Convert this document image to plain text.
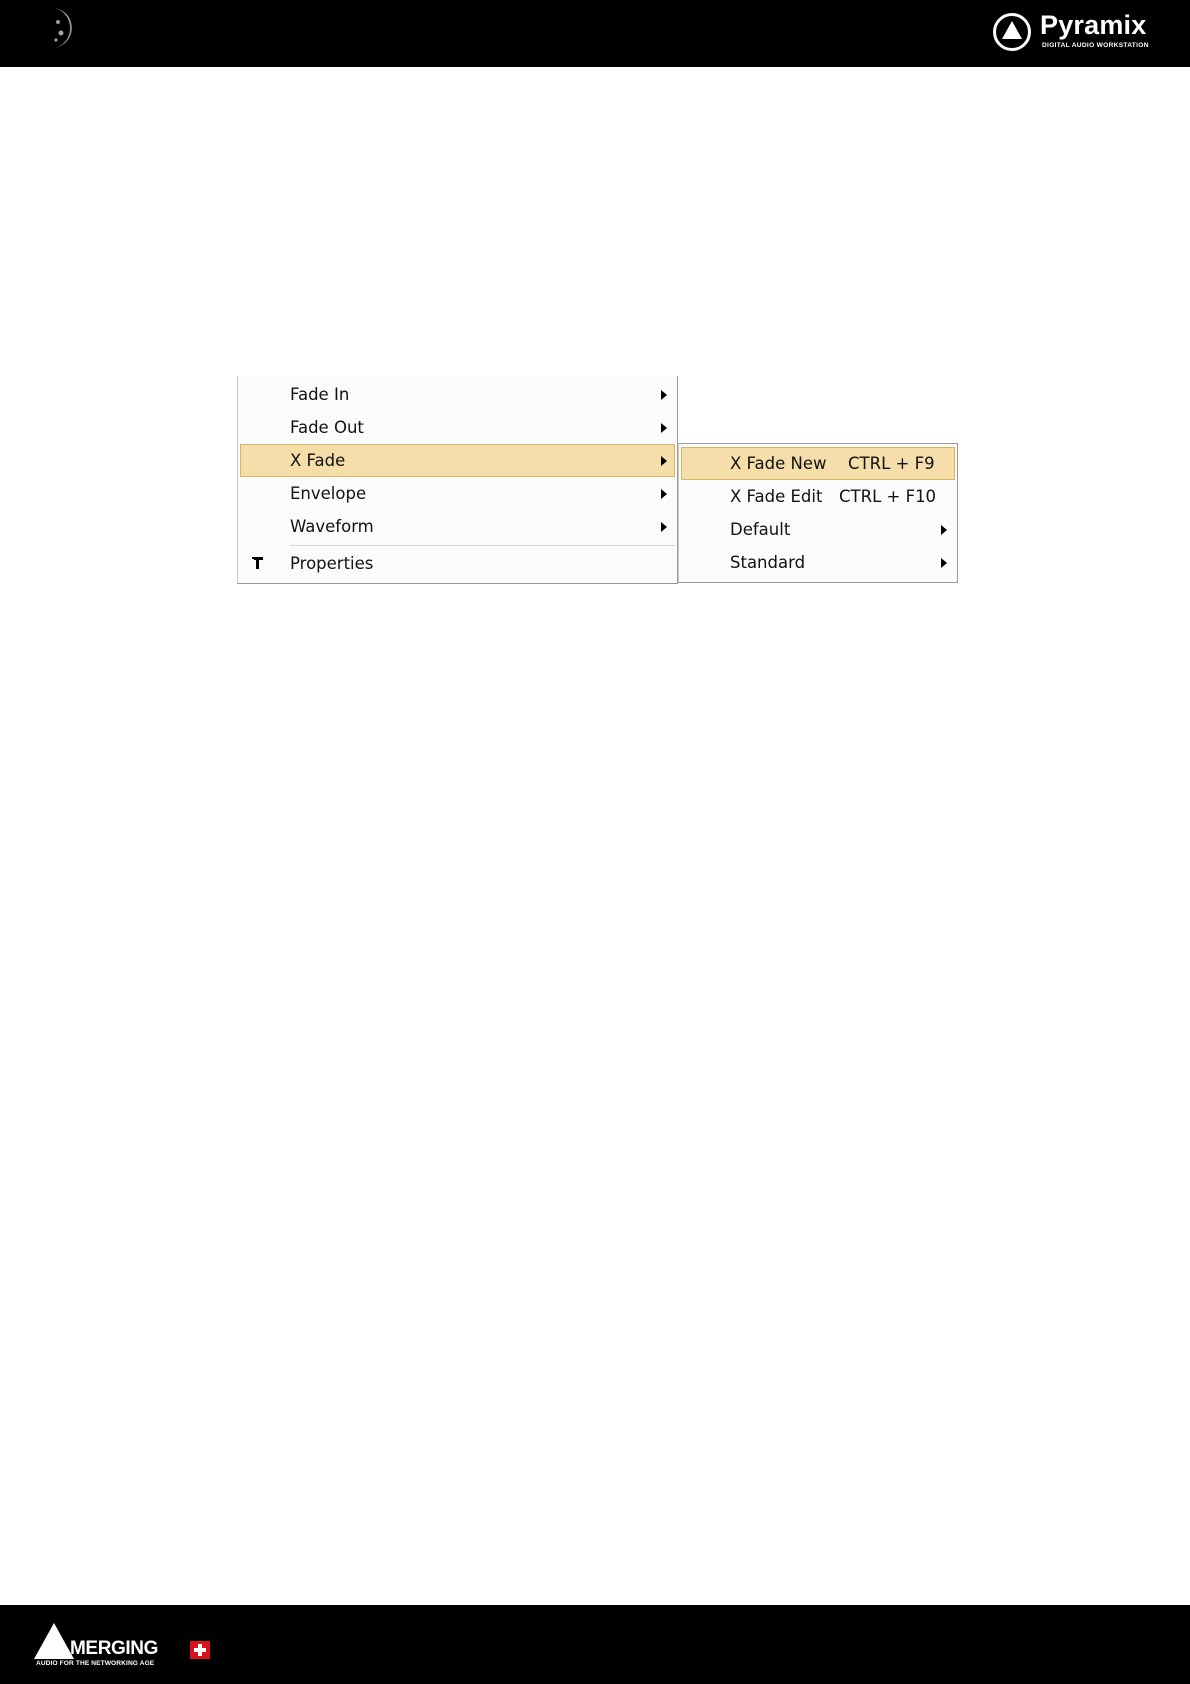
Pyramix
DIGITAL AUDIO WORKSTATION
Fade In
Fade Out
X Fade
Envelope
Waveform
Properties
X Fade New CTRL + F9
X Fade Edit CTRL + F10
Default
Standard
MERGING
AUDIO FOR THE NETWORKING AGE
